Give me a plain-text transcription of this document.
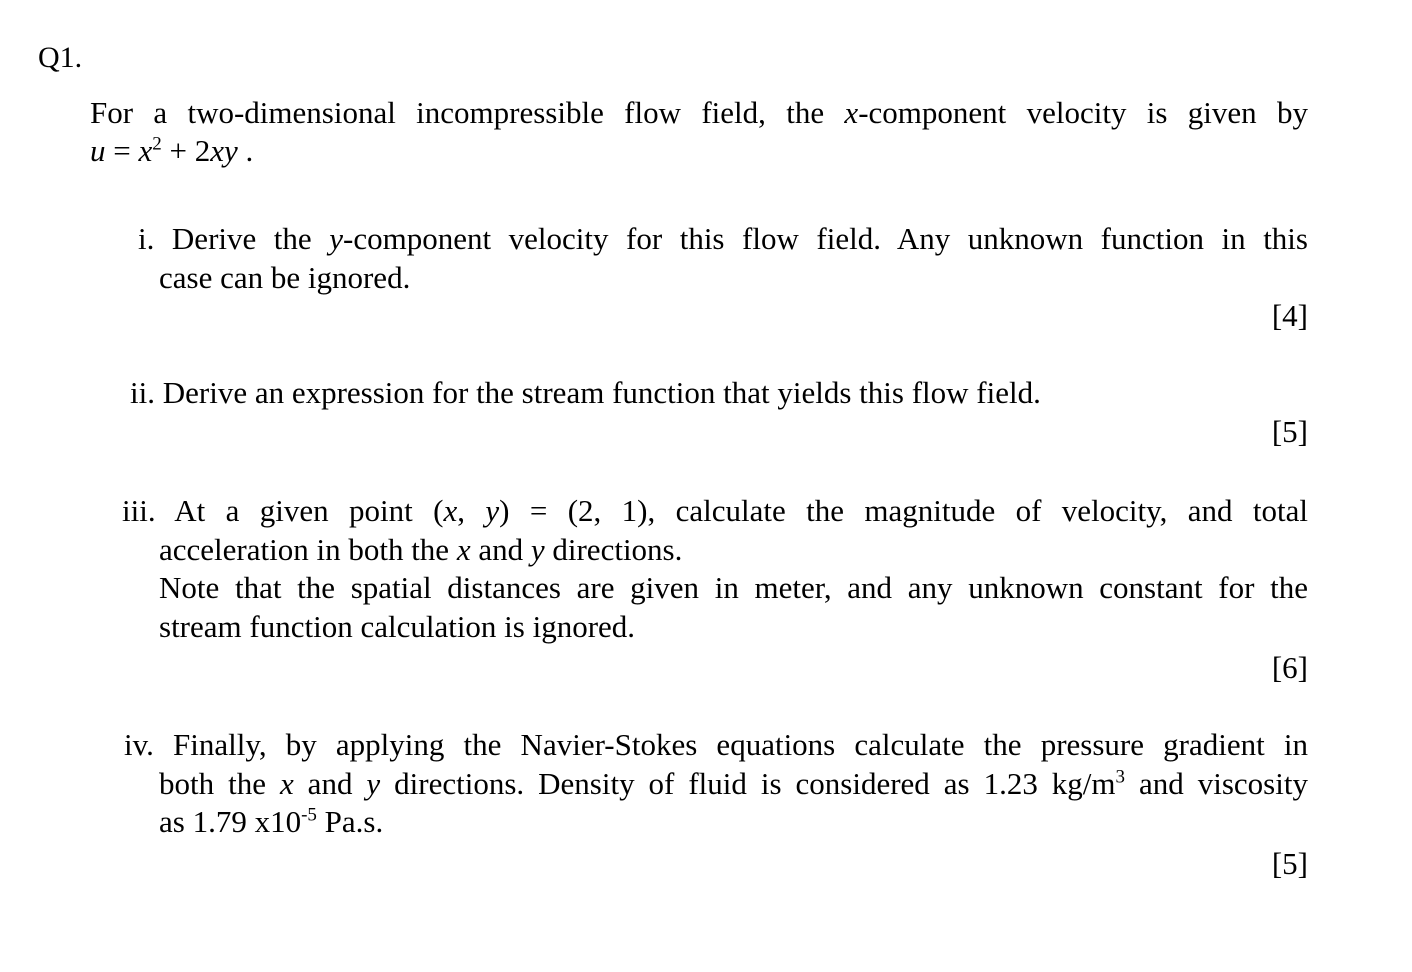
Q1.
For a two-dimensional incompressible flow field, the x-component velocity is given by
$u = x^2 + 2xy$ .
i. Derive the y-component velocity for this flow field. Any unknown function in this
case can be ignored.
[4]
ii. Derive an expression for the stream function that yields this flow field.
[5]
iii. At a given point (x, y) = (2, 1), calculate the magnitude of velocity, and total
acceleration in both the x and y directions.
Note that the spatial distances are given in meter, and any unknown constant for the
stream function calculation is ignored.
[6]
iv. Finally, by applying the Navier-Stokes equations calculate the pressure gradient in
both the x and y directions. Density of fluid is considered as 1.23 $kg/m^3$ and viscosity
as 1.79 $x10^{-5}$ Pa.s.
[5]
